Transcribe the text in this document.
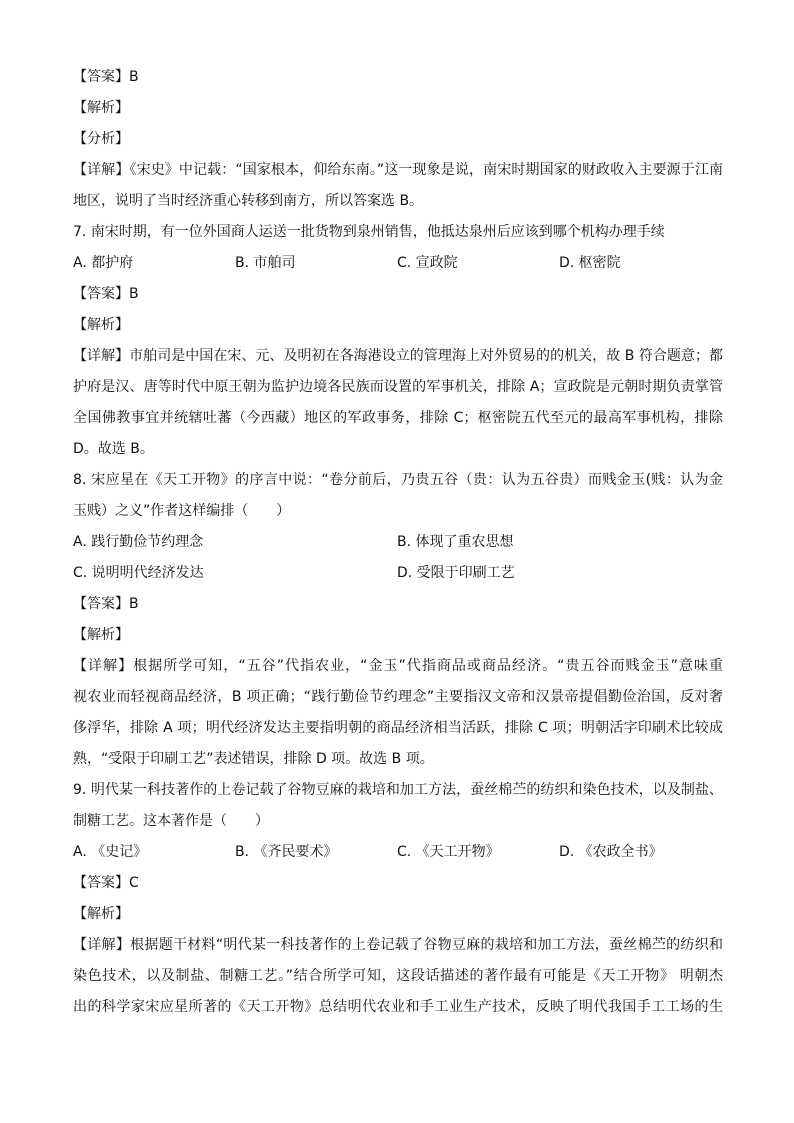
【答案】B
【解析】
【分析】
【详解】《宋史》中记载：“国家根本，仰给东南。”这一现象是说，南宋时期国家的财政收入主要源于江南
地区，说明了当时经济重心转移到南方，所以答案选 B。
7. 南宋时期，有一位外国商人运送一批货物到泉州销售，他抵达泉州后应该到哪个机构办理手续
A. 都护府	B. 市舶司	C. 宣政院	D. 枢密院
【答案】B
【解析】
【详解】市舶司是中国在宋、元、及明初在各海港设立的管理海上对外贸易的的机关，故 B 符合题意；都
护府是汉、唐等时代中原王朝为监护边境各民族而设置的军事机关，排除 A；宣政院是元朝时期负责掌管
全国佛教事宜并统辖吐蕃（今西藏）地区的军政事务，排除 C；枢密院五代至元的最高军事机构，排除
D。故选 B。
8. 宋应星在《天工开物》的序言中说：“卷分前后，乃贵五谷（贵：认为五谷贵）而贱金玉(贱：认为金
玉贱）之义”作者这样编排（　　）
A. 践行勤俭节约理念	B. 体现了重农思想
C. 说明明代经济发达	D. 受限于印刷工艺
【答案】B
【解析】
【详解】根据所学可知，“五谷”代指农业，“金玉”代指商品或商品经济。“贵五谷而贱金玉”意味重
视农业而轻视商品经济，B 项正确；“践行勤俭节约理念”主要指汉文帝和汉景帝提倡勤俭治国，反对奢
侈浮华，排除 A 项；明代经济发达主要指明朝的商品经济相当活跃，排除 C 项；明朝活字印刷术比较成
熟，“受限于印刷工艺”表述错误，排除 D 项。故选 B 项。
9. 明代某一科技著作的上卷记载了谷物豆麻的栽培和加工方法，蚕丝棉苎的纺织和染色技术，以及制盐、
制糖工艺。这本著作是（　　）
A. 《史记》	B. 《齐民要术》	C. 《天工开物》	D. 《农政全书》
【答案】C
【解析】
【详解】根据题干材料“明代某一科技著作的上卷记载了谷物豆麻的栽培和加工方法，蚕丝棉苎的纺织和
染色技术，以及制盐、制糖工艺。”结合所学可知，这段话描述的著作最有可能是《天工开物》 明朝杰
出的科学家宋应星所著的《天工开物》总结明代农业和手工业生产技术，反映了明代我国手工工场的生
